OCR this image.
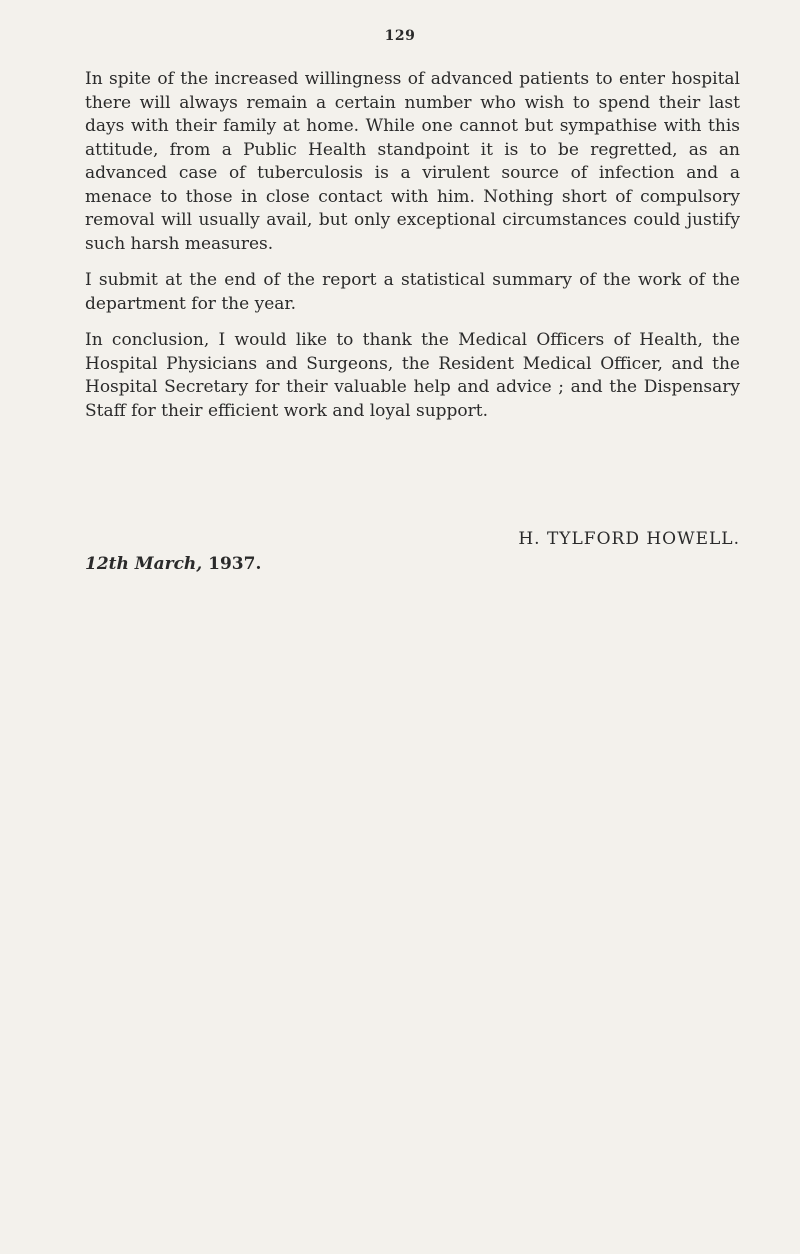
129

In spite of the increased willingness of advanced patients to enter hospital there will always remain a certain number who wish to spend their last days with their family at home. While one cannot but sympathise with this attitude, from a Public Health standpoint it is to be regretted, as an advanced case of tuberculosis is a virulent source of infection and a menace to those in close contact with him. Nothing short of compulsory removal will usually avail, but only exceptional circumstances could justify such harsh measures.

I submit at the end of the report a statistical summary of the work of the department for the year.

In conclusion, I would like to thank the Medical Officers of Health, the Hospital Physicians and Surgeons, the Resident Medical Officer, and the Hospital Secretary for their valuable help and advice ; and the Dispensary Staff for their efficient work and loyal support.

H. TYLFORD HOWELL.
12th March, 1937.
